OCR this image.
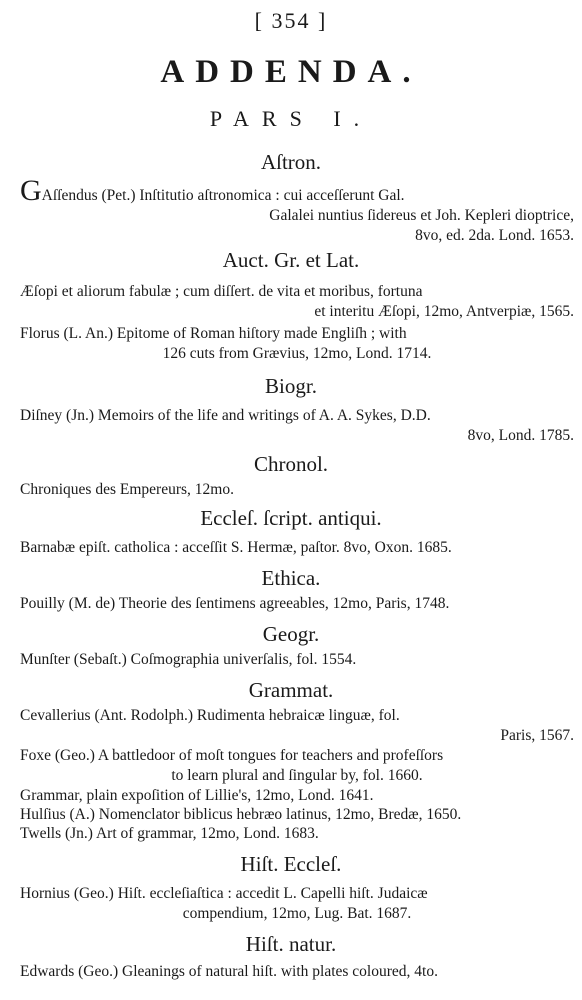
[ 354 ]
ADDENDA.
PARS I.
Aſtron.
GAſſendus (Pet.) Inſtitutio aſtronomica : cui acceſſerunt Gal.
Galalei nuntius ſidereus et Joh. Kepleri dioptrice,
8vo, ed. 2da. Lond. 1653.
Auct. Gr. et Lat.
Æſopi et aliorum fabulæ ; cum diſſert. de vita et moribus, fortuna
et interitu Æſopi, 12mo, Antverpiæ, 1565.
Florus (L. An.) Epitome of Roman hiſtory made Engliſh ; with
126 cuts from Grævius, 12mo, Lond. 1714.
Biogr.
Diſney (Jn.) Memoirs of the life and writings of A. A. Sykes, D.D.
8vo, Lond. 1785.
Chronol.
Chroniques des Empereurs, 12mo.
Eccleſ. ſcript. antiqui.
Barnabæ epiſt. catholica : acceſſit S. Hermæ, paſtor. 8vo, Oxon. 1685.
Ethica.
Pouilly (M. de) Theorie des ſentimens agreeables, 12mo, Paris, 1748.
Geogr.
Munſter (Sebaſt.) Coſmographia univerſalis, fol. 1554.
Grammat.
Cevallerius (Ant. Rodolph.) Rudimenta hebraicæ linguæ, fol.
Paris, 1567.
Foxe (Geo.) A battledoor of moſt tongues for teachers and profeſſors
to learn plural and ſingular by, fol. 1660.
Grammar, plain expoſition of Lillie's, 12mo, Lond. 1641.
Hulſius (A.) Nomenclator biblicus hebræo latinus, 12mo, Bredæ, 1650.
Twells (Jn.) Art of grammar, 12mo, Lond. 1683.
Hiſt. Eccleſ.
Hornius (Geo.) Hiſt. eccleſiaſtica : accedit L. Capelli hiſt. Judaicæ
compendium, 12mo, Lug. Bat. 1687.
Hiſt. natur.
Edwards (Geo.) Gleanings of natural hiſt. with plates coloured, 4to.
